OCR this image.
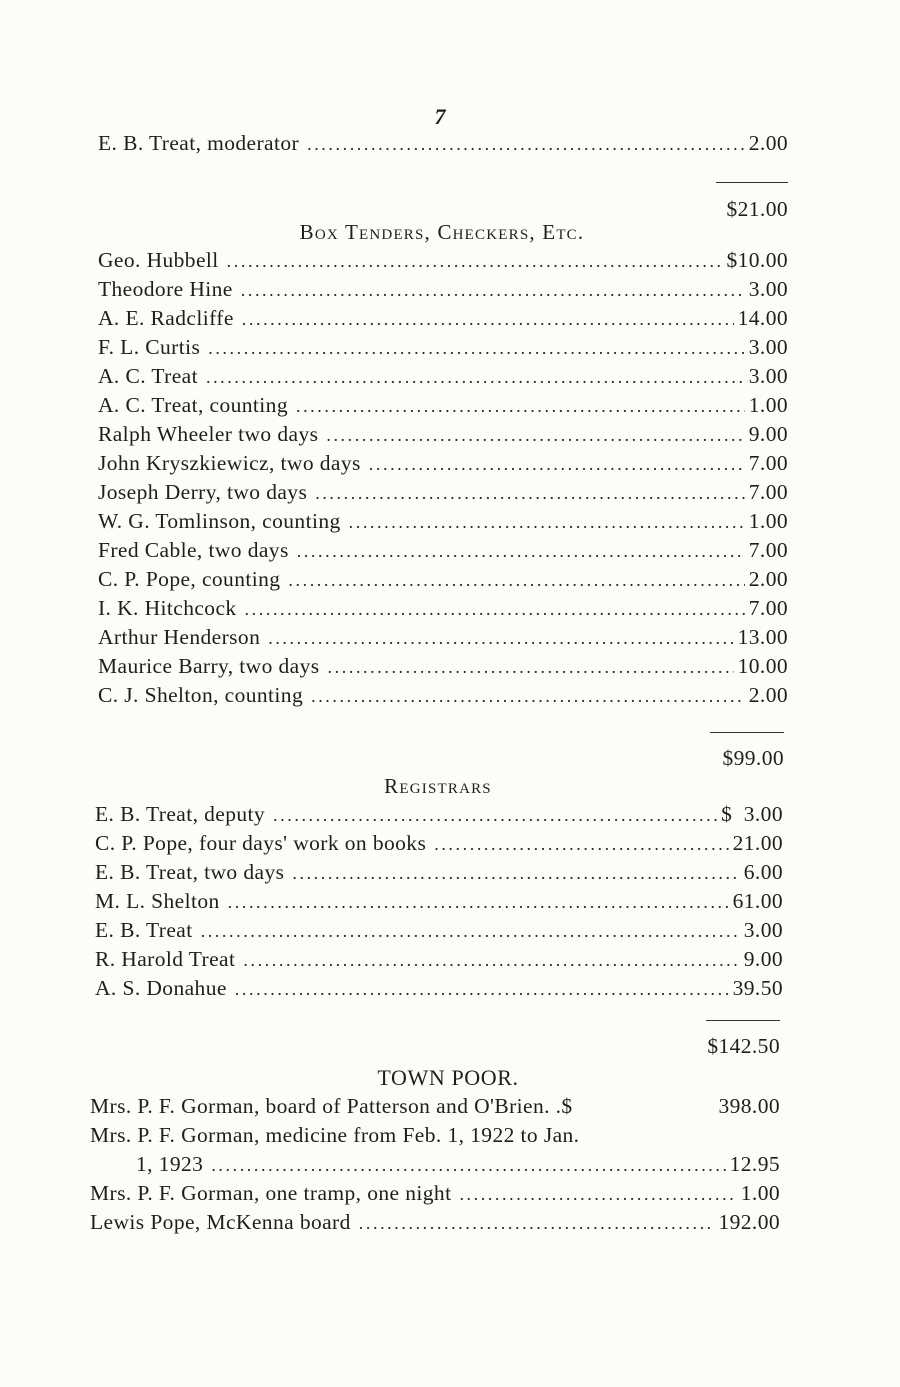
7
E. B. Treat, moderator .....	2.00
$21.00
Box Tenders, Checkers, Etc.
Geo. Hubbell .....	$10.00
Theodore Hine .....	3.00
A. E. Radcliffe .....	14.00
F. L. Curtis .....	3.00
A. C. Treat .....	3.00
A. C. Treat, counting .....	1.00
Ralph Wheeler two days .....	9.00
John Kryszkiewicz, two days .....	7.00
Joseph Derry, two days .....	7.00
W. G. Tomlinson, counting .....	1.00
Fred Cable, two days .....	7.00
C. P. Pope, counting .....	2.00
I. K. Hitchcock .....	7.00
Arthur Henderson .....	13.00
Maurice Barry, two days .....	10.00
C. J. Shelton, counting .....	2.00
$99.00
Registrars
E. B. Treat, deputy .....	$  3.00
C. P. Pope, four days' work on books .....	21.00
E. B. Treat, two days .....	6.00
M. L. Shelton .....	61.00
E. B. Treat .....	3.00
R. Harold Treat .....	9.00
A. S. Donahue .....	39.50
$142.50
TOWN POOR.
Mrs. P. F. Gorman, board of Patterson and O'Brien. .$	398.00
Mrs. P. F. Gorman, medicine from Feb. 1, 1922 to Jan.
1, 1923 .....	12.95
Mrs. P. F. Gorman, one tramp, one night .....	1.00
Lewis Pope, McKenna board .....	192.00
